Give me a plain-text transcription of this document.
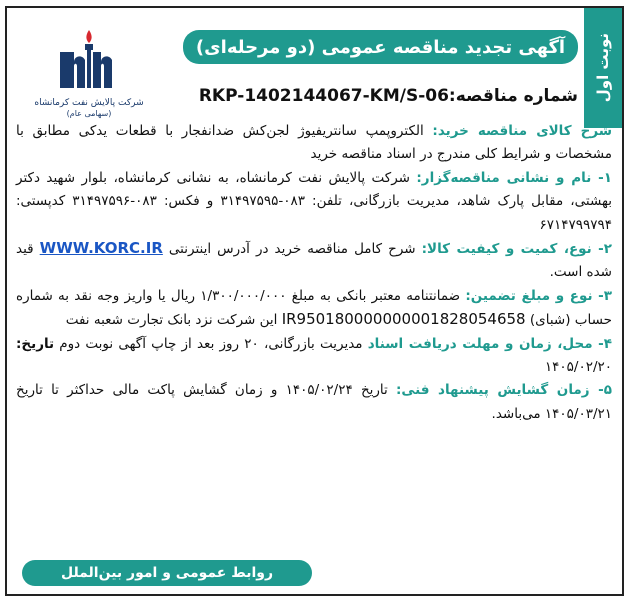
نوبت اول
آگهی تجدید مناقصه عمومی (دو مرحله‌ای)
شماره مناقصه:
RKP-1402144067-KM/S-06
شرکت پالایش نفت کرمانشاه
(سهامی عام)

شرح کالای مناقصه خرید: الکتروپمپ سانتریفیوژ لجن‌کش ضدانفجار با قطعات یدکی مطابق با مشخصات و شرایط کلی مندرج در اسناد مناقصه خرید

۱- نام و نشانی مناقصه‌گزار: شرکت پالایش نفت کرمانشاه، به نشانی کرمانشاه، بلوار شهید دکتر بهشتی، مقابل پارک شاهد، مدیریت بازرگانی، تلفن: ۰۸۳-۳۱۴۹۷۵۹۵ و فکس: ۰۸۳-۳۱۴۹۷۵۹۶ کدپستی: ۶۷۱۴۷۹۹۷۹۴

۲- نوع، کمیت و کیفیت کالا: شرح کامل مناقصه خرید در آدرس اینترنتی WWW.KORC.IR قید شده است.

۳- نوع و مبلغ تضمین: ضمانتنامه معتبر بانکی به مبلغ ۱/۳۰۰/۰۰۰/۰۰۰ ریال یا واریز وجه نقد به شماره حساب (شبای) IR950180000000001828054658 این شرکت نزد بانک تجارت شعبه نفت

۴- محل، زمان و مهلت دریافت اسناد مدیریت بازرگانی، ۲۰ روز بعد از چاپ آگهی نوبت دوم تاریخ: ۱۴۰۵/۰۲/۲۰

۵- زمان گشایش پیشنهاد فنی: تاریخ ۱۴۰۵/۰۲/۲۴ و زمان گشایش پاکت مالی حداکثر تا تاریخ ۱۴۰۵/۰۳/۲۱ می‌باشد.

روابط عمومی و امور بین‌الملل
